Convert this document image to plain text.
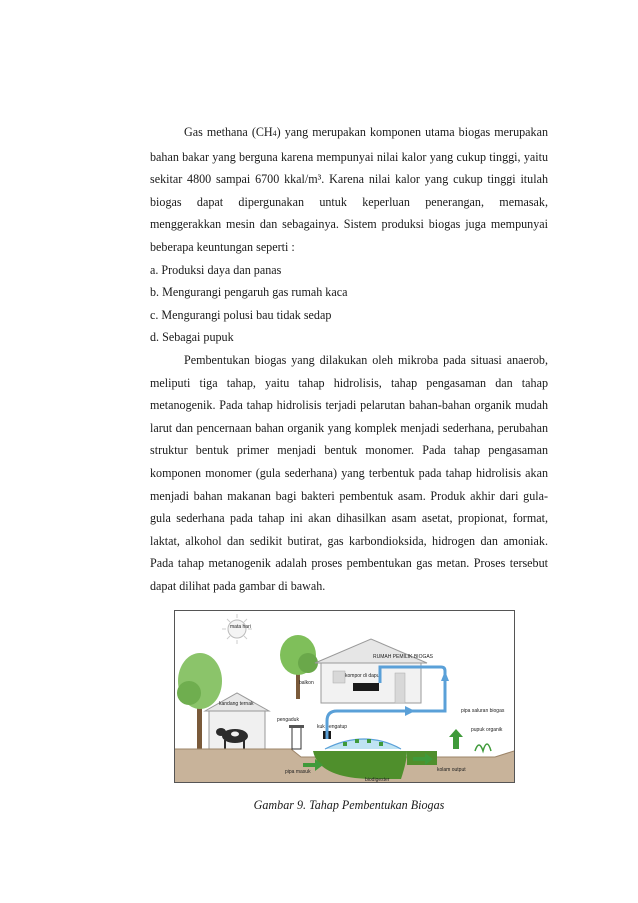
Gas methana (CH4) yang merupakan komponen utama biogas merupakan bahan bakar yang berguna karena mempunyai nilai kalor yang cukup tinggi, yaitu sekitar 4800 sampai 6700 kkal/m³. Karena nilai kalor yang cukup tinggi itulah biogas dapat dipergunakan untuk keperluan penerangan, memasak, menggerakkan mesin dan sebagainya. Sistem produksi biogas juga mempunyai beberapa keuntungan seperti :

a. Produksi daya dan panas
b. Mengurangi pengaruh gas rumah kaca
c. Mengurangi polusi bau tidak sedap
d. Sebagai pupuk

Pembentukan biogas yang dilakukan oleh mikroba pada situasi anaerob, meliputi tiga tahap, yaitu tahap hidrolisis, tahap pengasaman dan tahap metanogenik. Pada tahap hidrolisis terjadi pelarutan bahan-bahan organik mudah larut dan pencernaan bahan organik yang komplek menjadi sederhana, perubahan struktur bentuk primer menjadi bentuk monomer. Pada tahap pengasaman komponen monomer (gula sederhana) yang terbentuk pada tahap hidrolisis akan menjadi bahan makanan bagi bakteri pembentuk asam. Produk akhir dari gula-gula sederhana pada tahap ini akan dihasilkan asam asetat, propionat, format, laktat, alkohol dan sedikit butirat, gas karbondioksida, hidrogen dan amoniak. Pada tahap metanogenik adalah proses pembentukan gas metan. Proses tersebut dapat dilihat pada gambar di bawah.

mata hari
RUMAH PEMILIK BIOGAS
balkon
kompor di dapur
kandang ternak
biodigester
pipa masuk	kolam output
pengaduk
kuk pengatup
pipa saluran biogas
pupuk organik
Gambar 9. Tahap Pembentukan Biogas
